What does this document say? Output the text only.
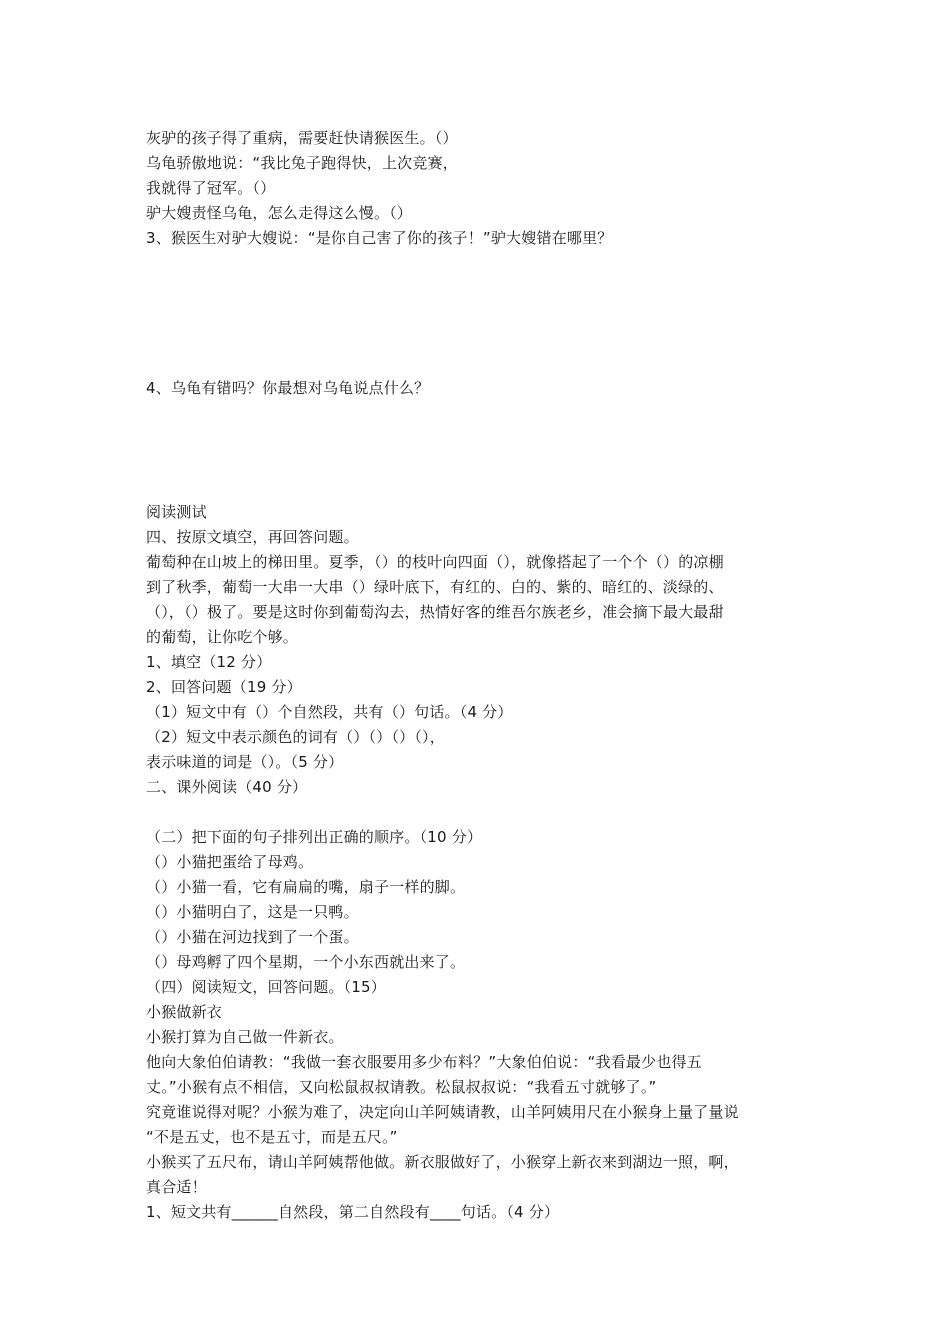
灰驴的孩子得了重病，需要赶快请猴医生。（）
乌龟骄傲地说：“我比兔子跑得快，上次竞赛，
我就得了冠军。（）
驴大嫂责怪乌龟，怎么走得这么慢。（）
3、猴医生对驴大嫂说：“是你自己害了你的孩子！”驴大嫂错在哪里？
4、乌龟有错吗？你最想对乌龟说点什么？
阅读测试
四、按原文填空，再回答问题。
葡萄种在山坡上的梯田里。夏季，（）的枝叶向四面（），就像搭起了一个个（）的凉棚
到了秋季，葡萄一大串一大串（）绿叶底下，有红的、白的、紫的、暗红的、淡绿的、
（），（）极了。要是这时你到葡萄沟去，热情好客的维吾尔族老乡，准会摘下最大最甜
的葡萄，让你吃个够。
1、填空（12 分）
2、回答问题（19 分）
（1）短文中有（）个自然段，共有（）句话。（4 分）
（2）短文中表示颜色的词有（）（）（）（），
表示味道的词是（）。（5 分）
二、课外阅读（40 分）
（二）把下面的句子排列出正确的顺序。（10 分）
（）小猫把蛋给了母鸡。
（）小猫一看，它有扁扁的嘴，扇子一样的脚。
（）小猫明白了，这是一只鸭。
（）小猫在河边找到了一个蛋。
（）母鸡孵了四个星期，一个小东西就出来了。
（四）阅读短文，回答问题。（15）
小猴做新衣
小猴打算为自己做一件新衣。
他向大象伯伯请教：“我做一套衣服要用多少布料？”大象伯伯说：“我看最少也得五
丈。”小猴有点不相信，又向松鼠叔叔请教。松鼠叔叔说：“我看五寸就够了。”
究竟谁说得对呢？小猴为难了，决定向山羊阿姨请教，山羊阿姨用尺在小猴身上量了量说
“不是五丈，也不是五寸，而是五尺。”
小猴买了五尺布，请山羊阿姨帮他做。新衣服做好了，小猴穿上新衣来到湖边一照，啊，
真合适！
1、短文共有______自然段，第二自然段有____句话。（4 分）
